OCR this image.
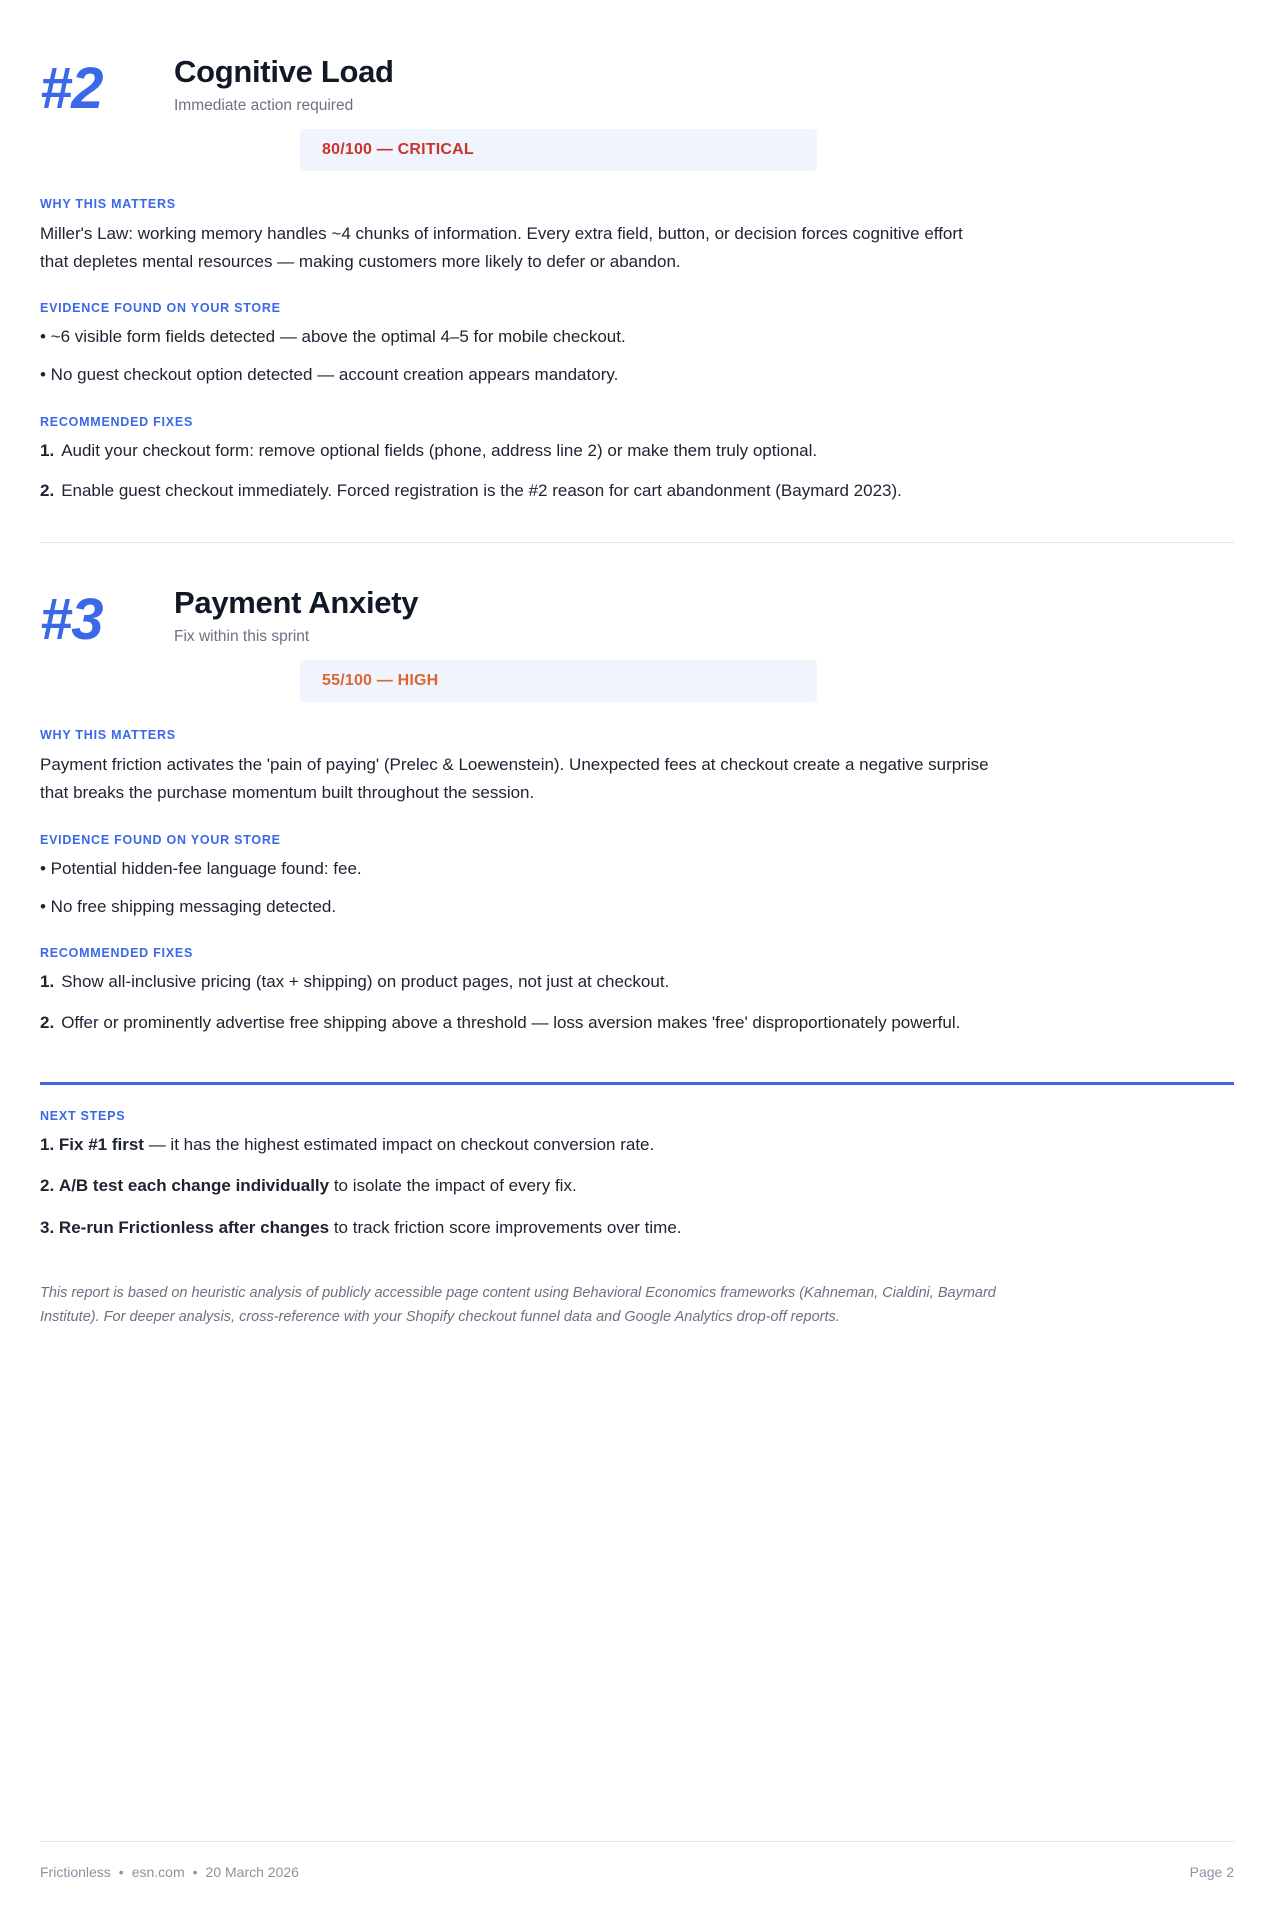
#2	Cognitive Load
Immediate action required
80/100 — CRITICAL
WHY THIS MATTERS
Miller's Law: working memory handles ~4 chunks of information. Every extra field, button, or decision forces cognitive effort that depletes mental resources — making customers more likely to defer or abandon.
EVIDENCE FOUND ON YOUR STORE
• ~6 visible form fields detected — above the optimal 4–5 for mobile checkout.
• No guest checkout option detected — account creation appears mandatory.
RECOMMENDED FIXES
1. Audit your checkout form: remove optional fields (phone, address line 2) or make them truly optional.
2. Enable guest checkout immediately. Forced registration is the #2 reason for cart abandonment (Baymard 2023).
#3	Payment Anxiety
Fix within this sprint
55/100 — HIGH
WHY THIS MATTERS
Payment friction activates the 'pain of paying' (Prelec & Loewenstein). Unexpected fees at checkout create a negative surprise that breaks the purchase momentum built throughout the session.
EVIDENCE FOUND ON YOUR STORE
• Potential hidden-fee language found: fee.
• No free shipping messaging detected.
RECOMMENDED FIXES
1. Show all-inclusive pricing (tax + shipping) on product pages, not just at checkout.
2. Offer or prominently advertise free shipping above a threshold — loss aversion makes 'free' disproportionately powerful.
NEXT STEPS
1. Fix #1 first — it has the highest estimated impact on checkout conversion rate.
2. A/B test each change individually to isolate the impact of every fix.
3. Re-run Frictionless after changes to track friction score improvements over time.
This report is based on heuristic analysis of publicly accessible page content using Behavioral Economics frameworks (Kahneman, Cialdini, Baymard Institute). For deeper analysis, cross-reference with your Shopify checkout funnel data and Google Analytics drop-off reports.
Frictionless • esn.com • 20 March 2026	Page 2
